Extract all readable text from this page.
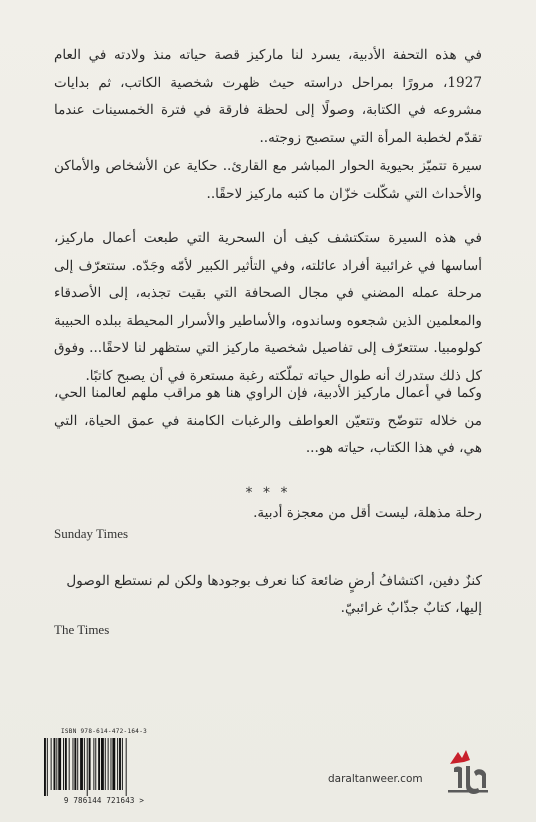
في هذه التحفة الأدبية، يسرد لنا ماركيز قصة حياته منذ ولادته في العام 1927، مرورًا بمراحل دراسته حيث ظهرت شخصية الكاتب، ثم بدايات مشروعه في الكتابة، وصولًا إلى لحظة فارقة في فترة الخمسينات عندما تقدّم لخطبة المرأة التي ستصبح زوجته..

سيرة تتميّز بحيوية الحوار المباشر مع القارئ.. حكاية عن الأشخاص والأماكن والأحداث التي شكّلت خزّان ما كتبه ماركيز لاحقًا..

في هذه السيرة ستكتشف كيف أن السحرية التي طبعت أعمال ماركيز، أساسها في غرائبية أفراد عائلته، وفي التأثير الكبير لأمّه وجَدّه. ستتعرّف إلى مرحلة عمله المضني في مجال الصحافة التي بقيت تجذبه، إلى الأصدقاء والمعلمين الذين شجعوه وساندوه، والأساطير والأسرار المحيطة ببلده الحبيبة كولومبيا. ستتعرّف إلى تفاصيل شخصية ماركيز التي ستظهر لنا لاحقًا... وفوق كل ذلك ستدرك أنه طوال حياته تملّكته رغبة مستعرة في أن يصبح كاتبًا.

وكما في أعمال ماركيز الأدبية، فإن الراوي هنا هو مراقب ملهم لعالمنا الحي، من خلاله تتوضّح وتتعيّن العواطف والرغبات الكامنة في عمق الحياة، التي هي، في هذا الكتاب، حياته هو...

* * *
رحلة مذهلة، ليست أقل من معجزة أدبية.
Sunday Times
كنزٌ دفين، اكتشافُ أرضٍ ضائعة كنا نعرف بوجودها ولكن لم نستطع الوصول إليها، كتابٌ جذّابٌ غرائبيّ.
The Times
ISBN 978-614-472-164-3
9 786144 721643 >
daraltanweer.com
